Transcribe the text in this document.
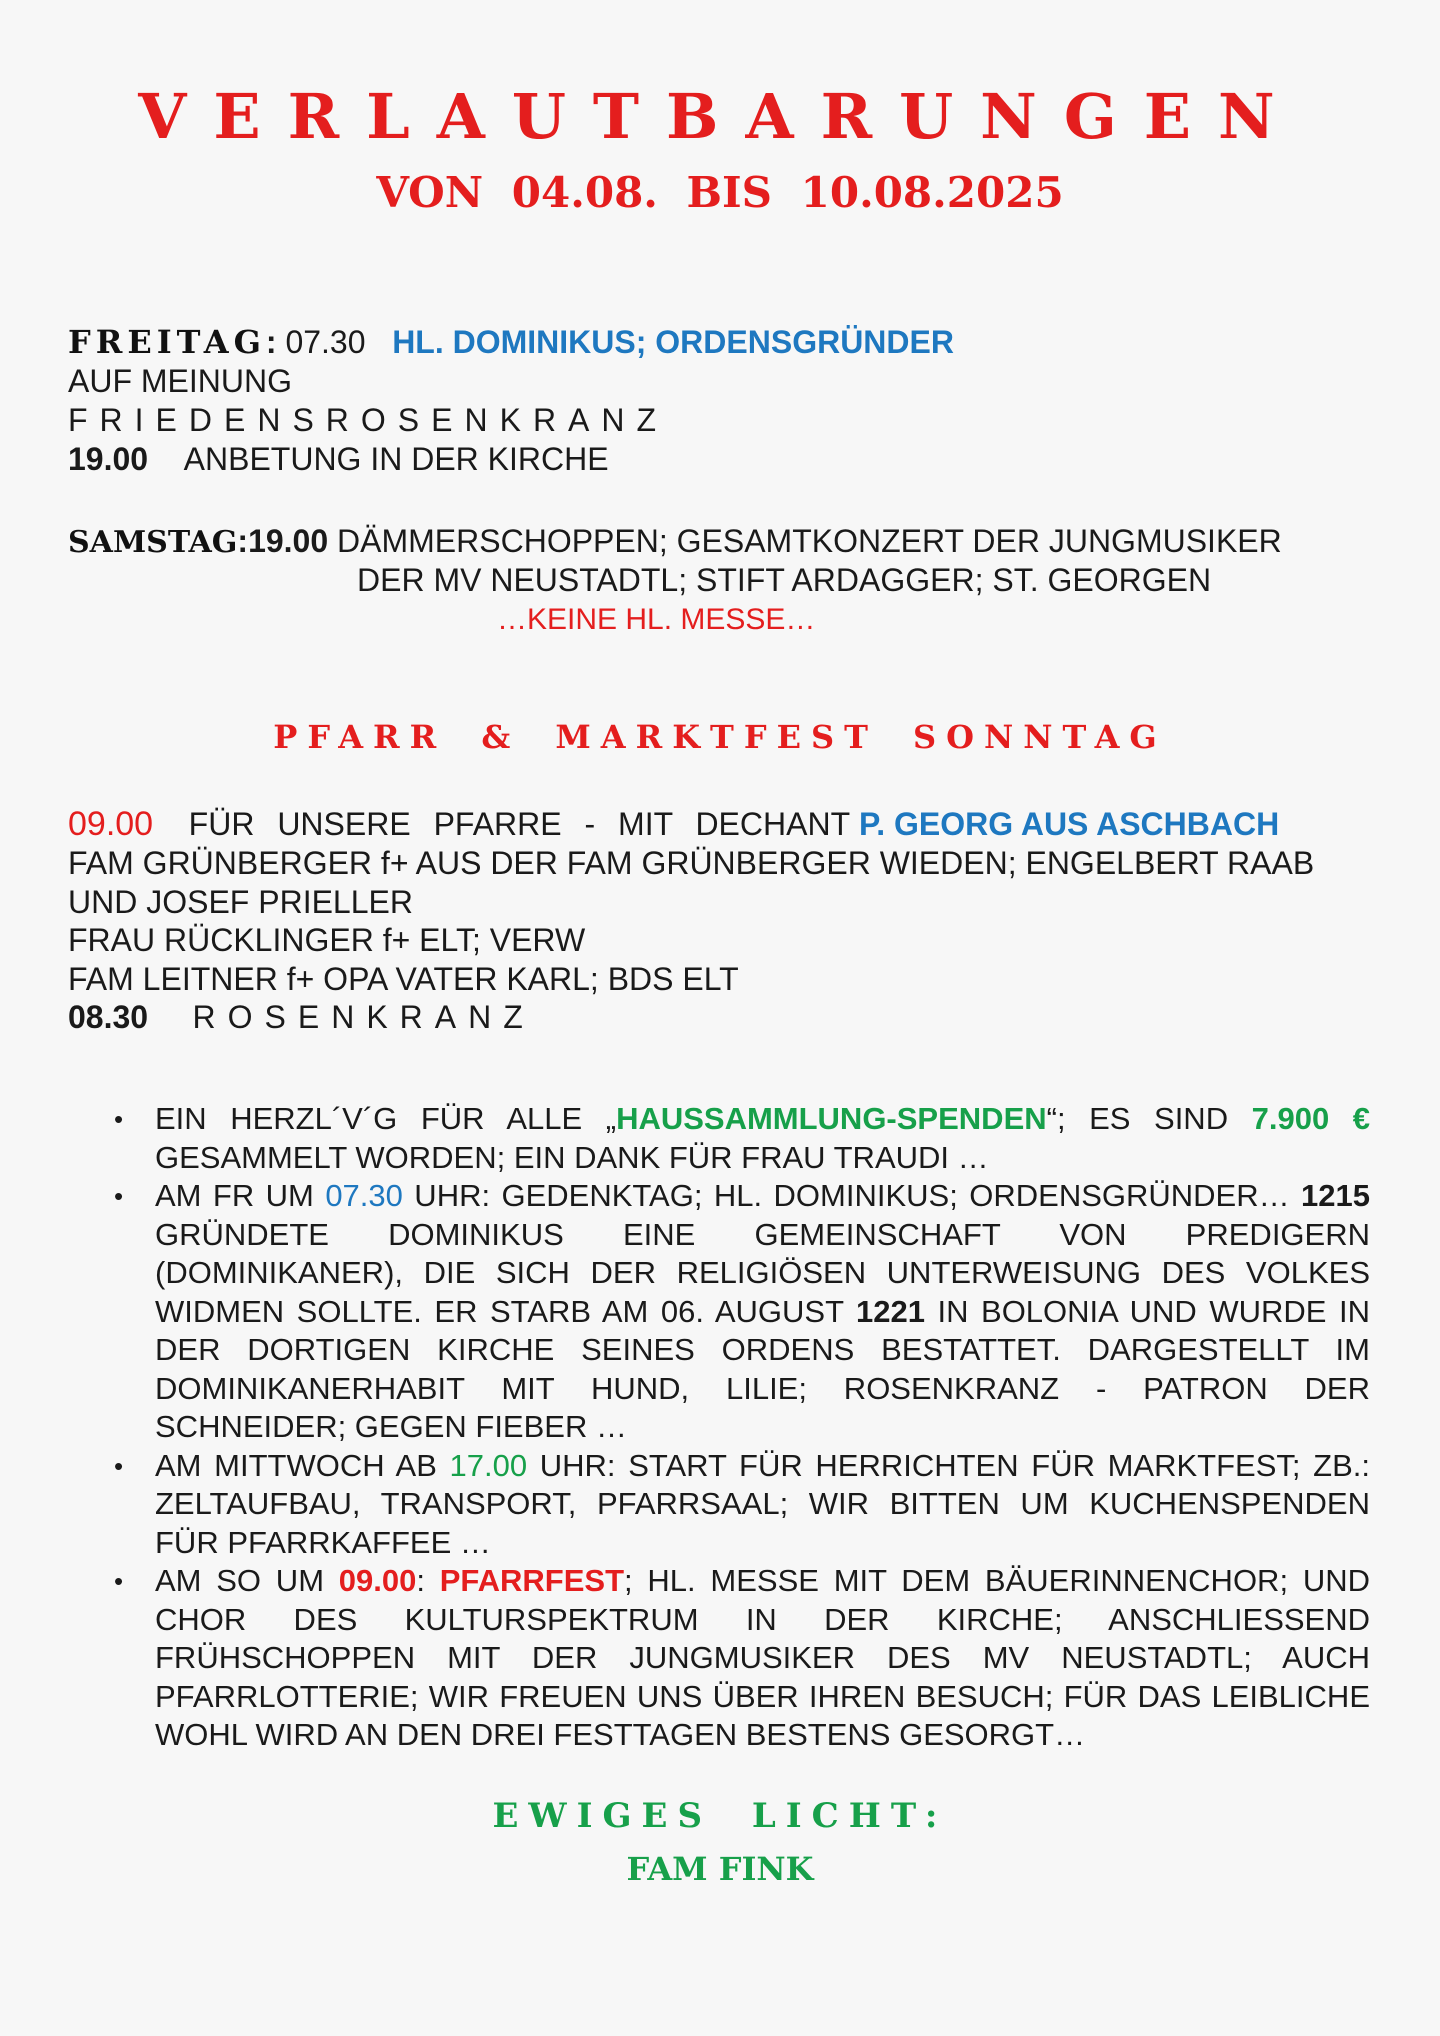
VERLAUTBARUNGEN
VON 04.08. BIS 10.08.2025
FREITAG: 07.30 HL. DOMINIKUS; ORDENSGRÜNDER
AUF MEINUNG
FRIEDENSROSENKRANZ
19.00 ANBETUNG IN DER KIRCHE
SAMSTAG:19.00 DÄMMERSCHOPPEN; GESAMTKONZERT DER JUNGMUSIKER
DER MV NEUSTADTL; STIFT ARDAGGER; ST. GEORGEN
…KEINE HL. MESSE…
PFARR & MARKTFEST SONNTAG
09.00 FÜR UNSERE PFARRE - MIT DECHANT P. GEORG AUS ASCHBACH
FAM GRÜNBERGER f+ AUS DER FAM GRÜNBERGER WIEDEN; ENGELBERT RAAB
UND JOSEF PRIELLER
FRAU RÜCKLINGER f+ ELT; VERW
FAM LEITNER f+ OPA VATER KARL; BDS ELT
08.30 ROSENKRANZ
• EIN HERZL´V´G FÜR ALLE „HAUSSAMMLUNG-SPENDEN“; ES SIND 7.900 € GESAMMELT WORDEN; EIN DANK FÜR FRAU TRAUDI …
• AM FR UM 07.30 UHR: GEDENKTAG; HL. DOMINIKUS; ORDENSGRÜNDER… 1215 GRÜNDETE DOMINIKUS EINE GEMEINSCHAFT VON PREDIGERN (DOMINIKANER), DIE SICH DER RELIGIÖSEN UNTERWEISUNG DES VOLKES WIDMEN SOLLTE. ER STARB AM 06. AUGUST 1221 IN BOLONIA UND WURDE IN DER DORTIGEN KIRCHE SEINES ORDENS BESTATTET. DARGESTELLT IM DOMINIKANERHABIT MIT HUND, LILIE; ROSENKRANZ - PATRON DER SCHNEIDER; GEGEN FIEBER …
• AM MITTWOCH AB 17.00 UHR: START FÜR HERRICHTEN FÜR MARKTFEST; ZB.: ZELTAUFBAU, TRANSPORT, PFARRSAAL; WIR BITTEN UM KUCHENSPENDEN FÜR PFARRKAFFEE …
• AM SO UM 09.00: PFARRFEST; HL. MESSE MIT DEM BÄUERINNENCHOR; UND CHOR DES KULTURSPEKTRUM IN DER KIRCHE; ANSCHLIESSEND FRÜHSCHOPPEN MIT DER JUNGMUSIKER DES MV NEUSTADTL; AUCH PFARRLOTTERIE; WIR FREUEN UNS ÜBER IHREN BESUCH; FÜR DAS LEIBLICHE WOHL WIRD AN DEN DREI FESTTAGEN BESTENS GESORGT…
EWIGES LICHT:
FAM FINK
